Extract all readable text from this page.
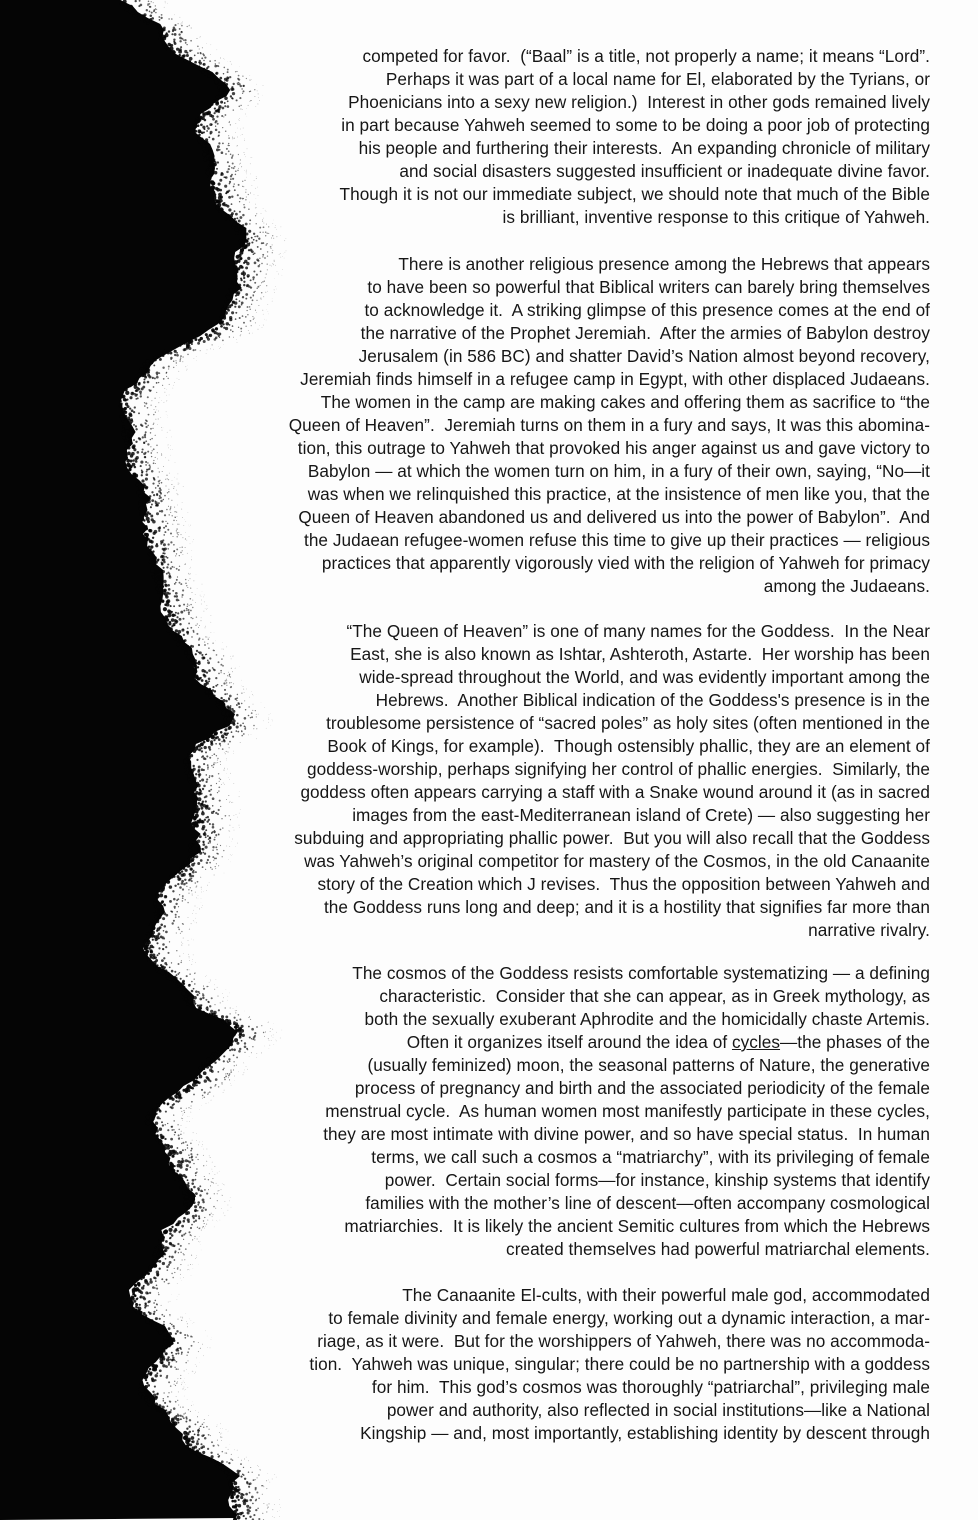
competed for favor.  (“Baal” is a title, not properly a name; it means “Lord”.
Perhaps it was part of a local name for El, elaborated by the Tyrians, or
Phoenicians into a sexy new religion.)  Interest in other gods remained lively
in part because Yahweh seemed to some to be doing a poor job of protecting
his people and furthering their interests.  An expanding chronicle of military
and social disasters suggested insufficient or inadequate divine favor.
Though it is not our immediate subject, we should note that much of the Bible
is brilliant, inventive response to this critique of Yahweh.
There is another religious presence among the Hebrews that appears
to have been so powerful that Biblical writers can barely bring themselves
to acknowledge it.  A striking glimpse of this presence comes at the end of
the narrative of the Prophet Jeremiah.  After the armies of Babylon destroy
Jerusalem (in 586 BC) and shatter David’s Nation almost beyond recovery,
Jeremiah finds himself in a refugee camp in Egypt, with other displaced Judaeans.
The women in the camp are making cakes and offering them as sacrifice to “the
Queen of Heaven”.  Jeremiah turns on them in a fury and says, It was this abomina-
tion, this outrage to Yahweh that provoked his anger against us and gave victory to
Babylon — at which the women turn on him, in a fury of their own, saying, “No—it
was when we relinquished this practice, at the insistence of men like you, that the
Queen of Heaven abandoned us and delivered us into the power of Babylon”.  And
the Judaean refugee-women refuse this time to give up their practices — religious
practices that apparently vigorously vied with the religion of Yahweh for primacy
among the Judaeans.
“The Queen of Heaven” is one of many names for the Goddess.  In the Near
East, she is also known as Ishtar, Ashteroth, Astarte.  Her worship has been
wide-spread throughout the World, and was evidently important among the
Hebrews.  Another Biblical indication of the Goddess's presence is in the
troublesome persistence of “sacred poles” as holy sites (often mentioned in the
Book of Kings, for example).  Though ostensibly phallic, they are an element of
goddess-worship, perhaps signifying her control of phallic energies.  Similarly, the
goddess often appears carrying a staff with a Snake wound around it (as in sacred
images from the east-Mediterranean island of Crete) — also suggesting her
subduing and appropriating phallic power.  But you will also recall that the Goddess
was Yahweh’s original competitor for mastery of the Cosmos, in the old Canaanite
story of the Creation which J revises.  Thus the opposition between Yahweh and
the Goddess runs long and deep; and it is a hostility that signifies far more than
narrative rivalry.
The cosmos of the Goddess resists comfortable systematizing — a defining
characteristic.  Consider that she can appear, as in Greek mythology, as
both the sexually exuberant Aphrodite and the homicidally chaste Artemis.
Often it organizes itself around the idea of cycles—the phases of the
(usually feminized) moon, the seasonal patterns of Nature, the generative
process of pregnancy and birth and the associated periodicity of the female
menstrual cycle.  As human women most manifestly participate in these cycles,
they are most intimate with divine power, and so have special status.  In human
terms, we call such a cosmos a “matriarchy”, with its privileging of female
power.  Certain social forms—for instance, kinship systems that identify
families with the mother’s line of descent—often accompany cosmological
matriarchies.  It is likely the ancient Semitic cultures from which the Hebrews
created themselves had powerful matriarchal elements.
The Canaanite El-cults, with their powerful male god, accommodated
to female divinity and female energy, working out a dynamic interaction, a mar-
riage, as it were.  But for the worshippers of Yahweh, there was no accommoda-
tion.  Yahweh was unique, singular; there could be no partnership with a goddess
for him.  This god’s cosmos was thoroughly “patriarchal”, privileging male
power and authority, also reflected in social institutions—like a National
Kingship — and, most importantly, establishing identity by descent through
